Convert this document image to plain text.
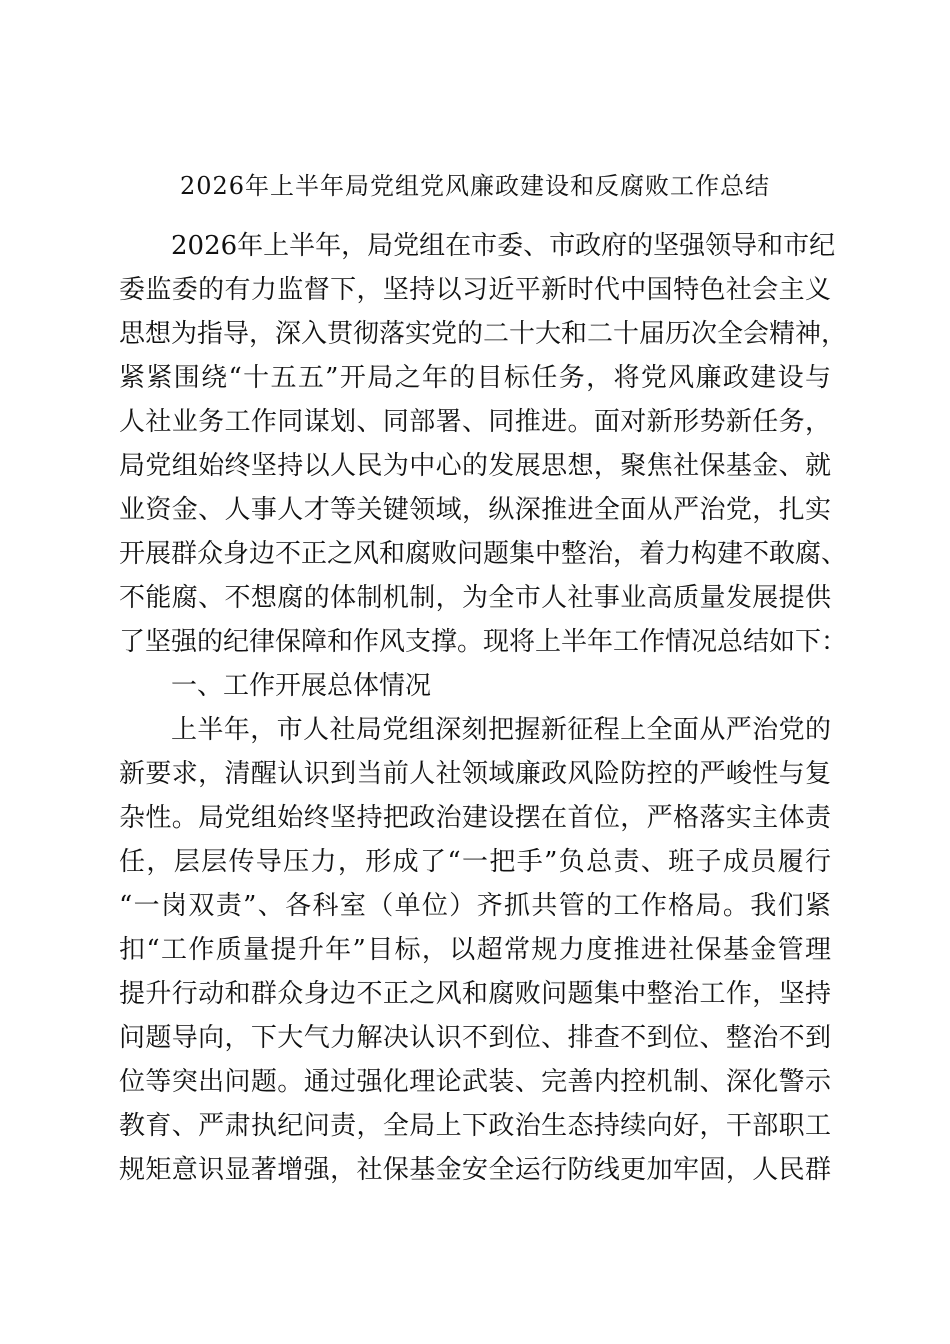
2026年上半年局党组党风廉政建设和反腐败工作总结
2026年上半年，局党组在市委、市政府的坚强领导和市纪
委监委的有力监督下，坚持以习近平新时代中国特色社会主义
思想为指导，深入贯彻落实党的二十大和二十届历次全会精神，
紧紧围绕“十五五”开局之年的目标任务，将党风廉政建设与
人社业务工作同谋划、同部署、同推进。面对新形势新任务，
局党组始终坚持以人民为中心的发展思想，聚焦社保基金、就
业资金、人事人才等关键领域，纵深推进全面从严治党，扎实
开展群众身边不正之风和腐败问题集中整治，着力构建不敢腐、
不能腐、不想腐的体制机制，为全市人社事业高质量发展提供
了坚强的纪律保障和作风支撑。现将上半年工作情况总结如下：
一、工作开展总体情况
上半年，市人社局党组深刻把握新征程上全面从严治党的
新要求，清醒认识到当前人社领域廉政风险防控的严峻性与复
杂性。局党组始终坚持把政治建设摆在首位，严格落实主体责
任，层层传导压力，形成了“一把手”负总责、班子成员履行
“一岗双责”、各科室（单位）齐抓共管的工作格局。我们紧
扣“工作质量提升年”目标，以超常规力度推进社保基金管理
提升行动和群众身边不正之风和腐败问题集中整治工作，坚持
问题导向，下大气力解决认识不到位、排查不到位、整治不到
位等突出问题。通过强化理论武装、完善内控机制、深化警示
教育、严肃执纪问责，全局上下政治生态持续向好，干部职工
规矩意识显著增强，社保基金安全运行防线更加牢固，人民群
